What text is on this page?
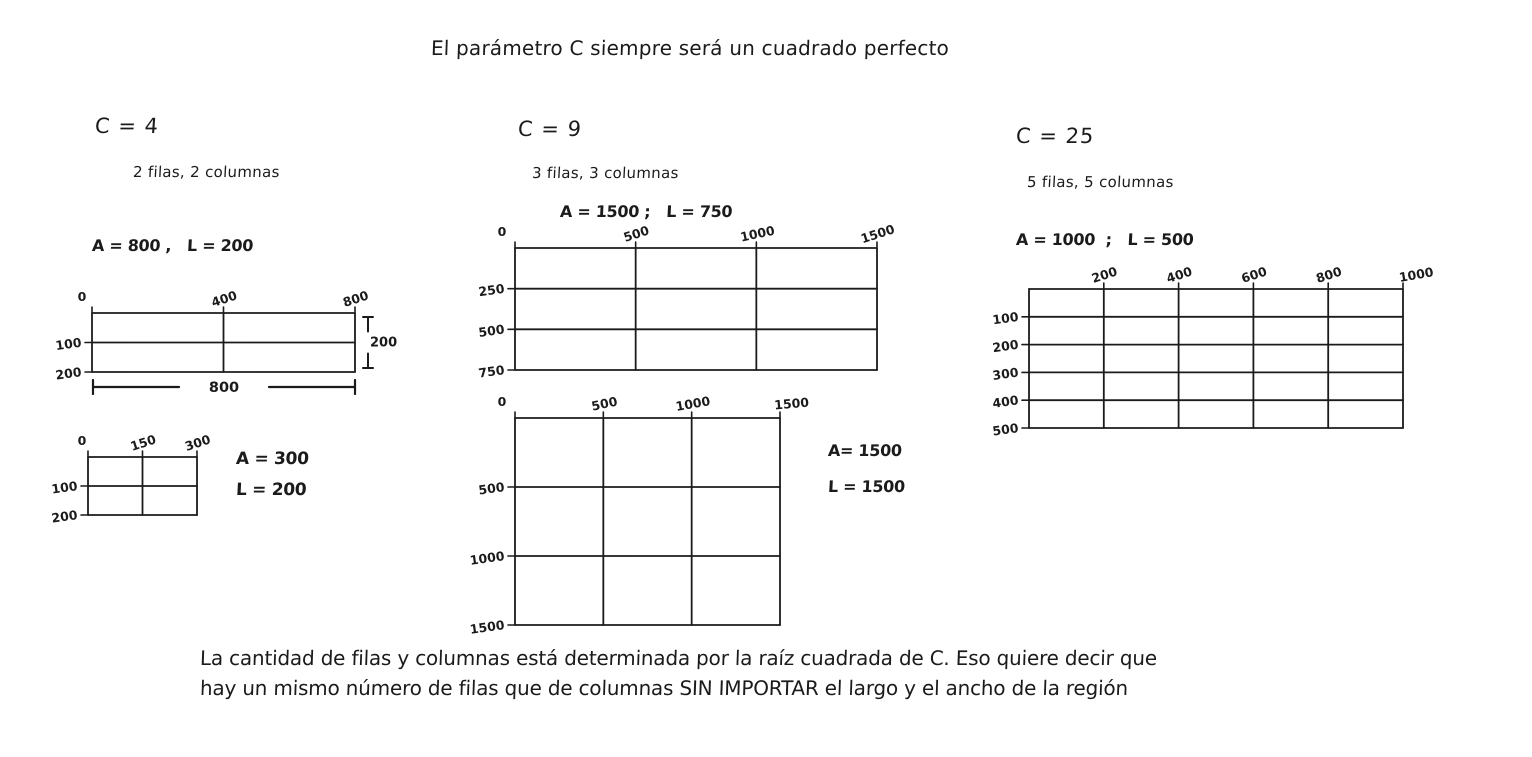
El parámetro C siempre será un cuadrado perfecto
C = 4
2 filas, 2 columnas
A = 800 ,   L = 200
0	400	800
100
200
200
800
0	150 300
100
200
A = 300
L = 200
C = 9
3 filas, 3 columnas
A = 1500 ;   L = 750
0	500	1000	1500
250
500
750
0	500	1000	1500
500
1000
1500
A= 1500
L = 1500
C = 25
5 filas, 5 columnas
A = 1000  ;   L = 500
200	400	600	800	1000
100
200
300
400
500
La cantidad de filas y columnas está determinada por la raíz cuadrada de C. Eso quiere decir que
hay un mismo número de filas que de columnas SIN IMPORTAR el largo y el ancho de la región
